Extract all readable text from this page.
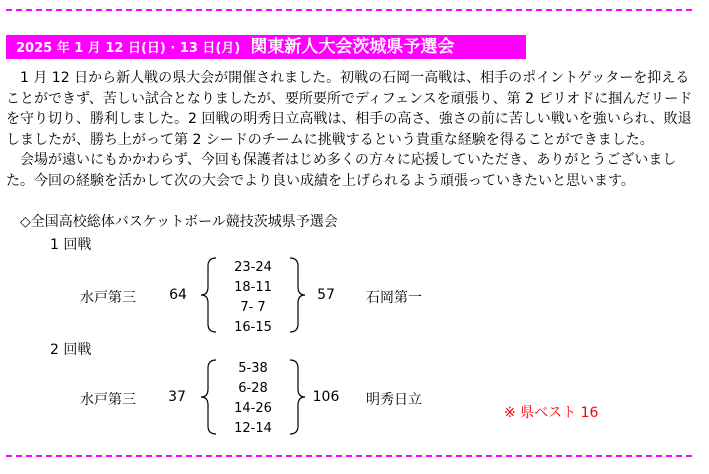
2025 年 1 月 12 日(日) · 13 日(月) 関東新人大会茨城県予選会

1 月 12 日から新人戦の県大会が開催されました。初戦の石岡一高戦は、相手のポイントゲッターを抑えることができず、苦しい試合となりましたが、要所要所でディフェンスを頑張り、第 2 ピリオドに掴んだリードを守り切り、勝利しました。2 回戦の明秀日立高戦は、相手の高さ、強さの前に苦しい戦いを強いられ、敗退しましたが、勝ち上がって第 2 シードのチームに挑戦するという貴重な経験を得ることができました。

会場が遠いにもかかわらず、今回も保護者はじめ多くの方々に応援していただき、ありがとうございました。今回の経験を活かして次の大会でより良い成績を上げられるよう頑張っていきたいと思います。

◇全国高校総体バスケットボール競技茨城県予選会
1 回戦
水戸第三	64
23-24
18-11
7- 7
16-15
57	石岡第一
2 回戦
水戸第三	37
5-38
6-28
14-26
12-14
106	明秀日立
※ 県ベスト 16
